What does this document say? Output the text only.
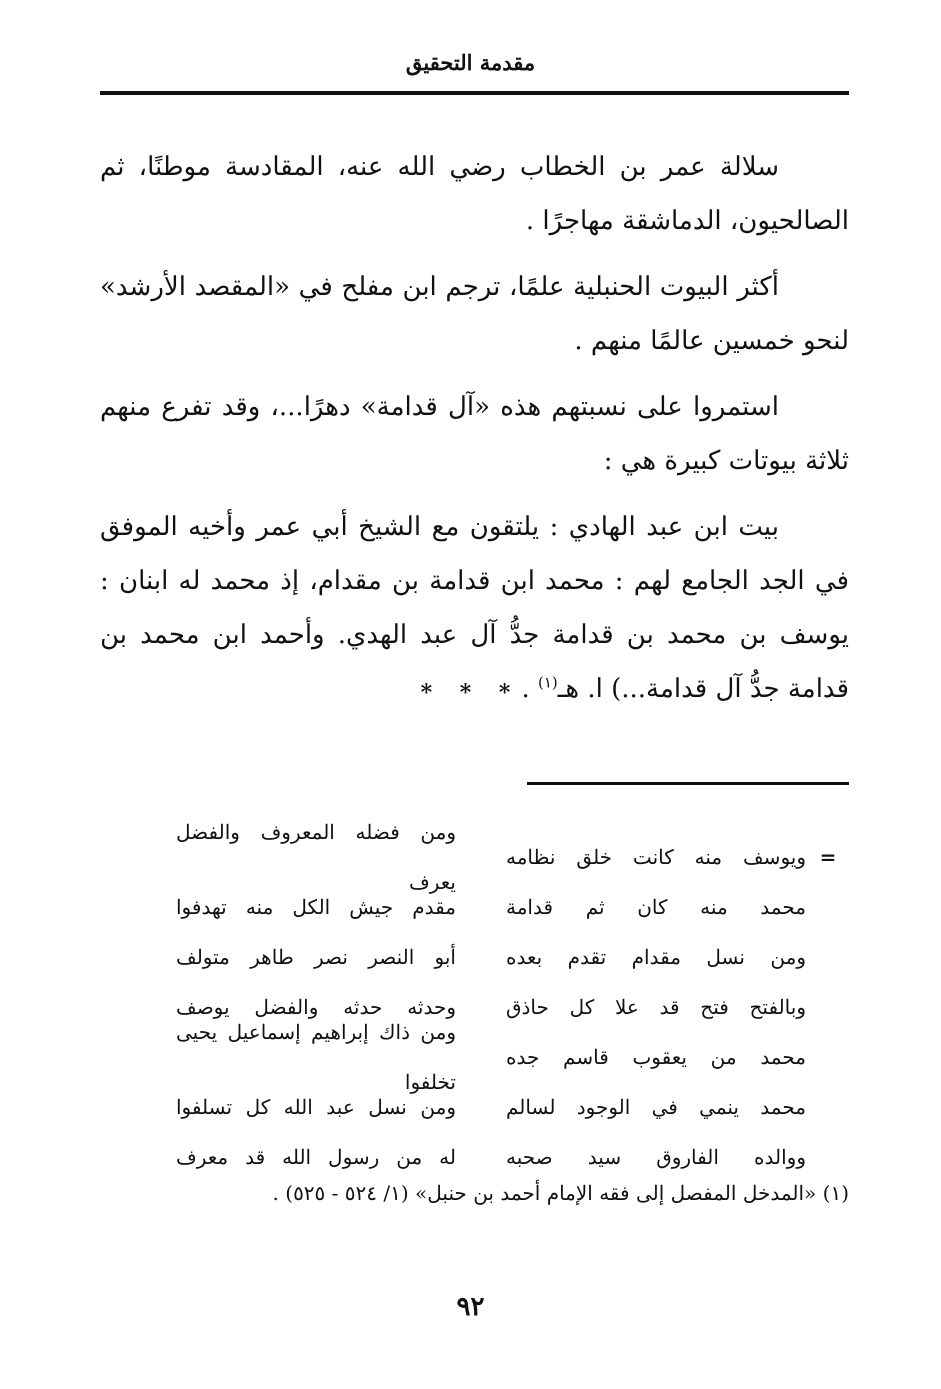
مقدمة التحقيق

سلالة عمر بن الخطاب رضي الله عنه، المقادسة موطنًا، ثم الصالحيون، الدماشقة مهاجرًا .

أكثر البيوت الحنبلية علمًا، ترجم ابن مفلح في «المقصد الأرشد» لنحو خمسين عالمًا منهم .

استمروا على نسبتهم هذه «آل قدامة» دهرًا...، وقد تفرع منهم ثلاثة بيوتات كبيرة هي :

بيت ابن عبد الهادي : يلتقون مع الشيخ أبي عمر وأخيه الموفق في الجد الجامع لهم : محمد ابن قدامة بن مقدام، إذ محمد له ابنان : يوسف بن محمد بن قدامة جدُّ آل عبد الهدي. وأحمد ابن محمد بن قدامة جدُّ آل قدامة...) ا. هـ$^{(١)}$ .

* * *
=
ويوسف منه كانت خلق نظامه
ومن فضله المعروف والفضل يعرف
محمد منه كان ثم قدامة
مقدم جيش الكل منه تهدفوا
ومن نسل مقدام تقدم بعده
أبو النصر نصر طاهر متولف
وبالفتح فتح قد علا كل حاذق
وحدثه حدثه والفضل يوصف
محمد من يعقوب قاسم جده
ومن ذاك إبراهيم إسماعيل يحيى تخلفوا
محمد ينمي في الوجود لسالم
ومن نسل عبد الله كل تسلفوا
ووالده الفاروق سيد صحبه
له من رسول الله قد معرف
(١) «المدخل المفصل إلى فقه الإمام أحمد بن حنبل» (١/ ٥٢٤ - ٥٢٥) .
٩٢
